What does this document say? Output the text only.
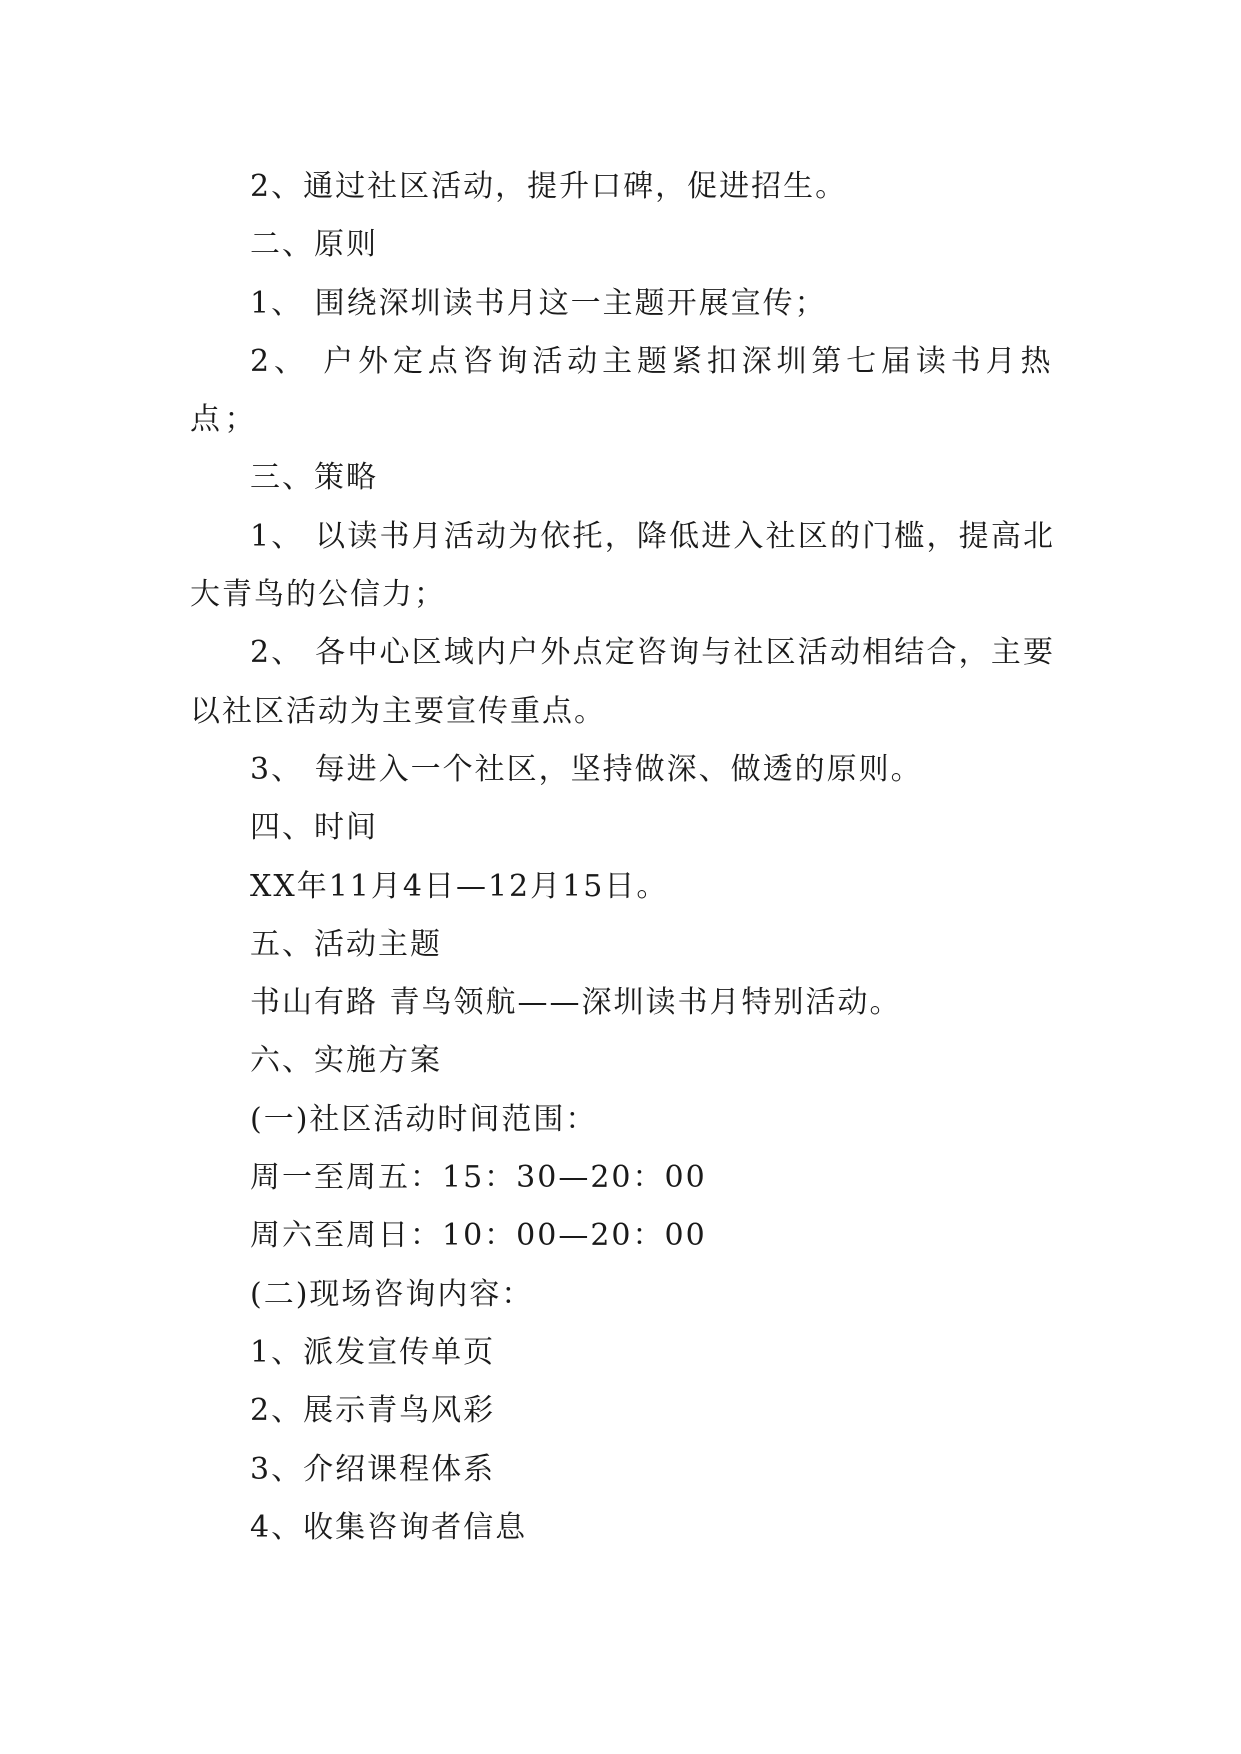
2、通过社区活动，提升口碑，促进招生。

二、原则

1、 围绕深圳读书月这一主题开展宣传；

2、 户外定点咨询活动主题紧扣深圳第七届读书月热点；

三、策略

1、 以读书月活动为依托，降低进入社区的门槛，提高北大青鸟的公信力；

2、 各中心区域内户外点定咨询与社区活动相结合，主要以社区活动为主要宣传重点。

3、 每进入一个社区，坚持做深、做透的原则。

四、时间

XX年11月4日—12月15日。

五、活动主题

书山有路 青鸟领航——深圳读书月特别活动。

六、实施方案

(一)社区活动时间范围：

周一至周五：15：30—20：00

周六至周日：10：00—20：00

(二)现场咨询内容：

1、派发宣传单页

2、展示青鸟风彩

3、介绍课程体系

4、收集咨询者信息
